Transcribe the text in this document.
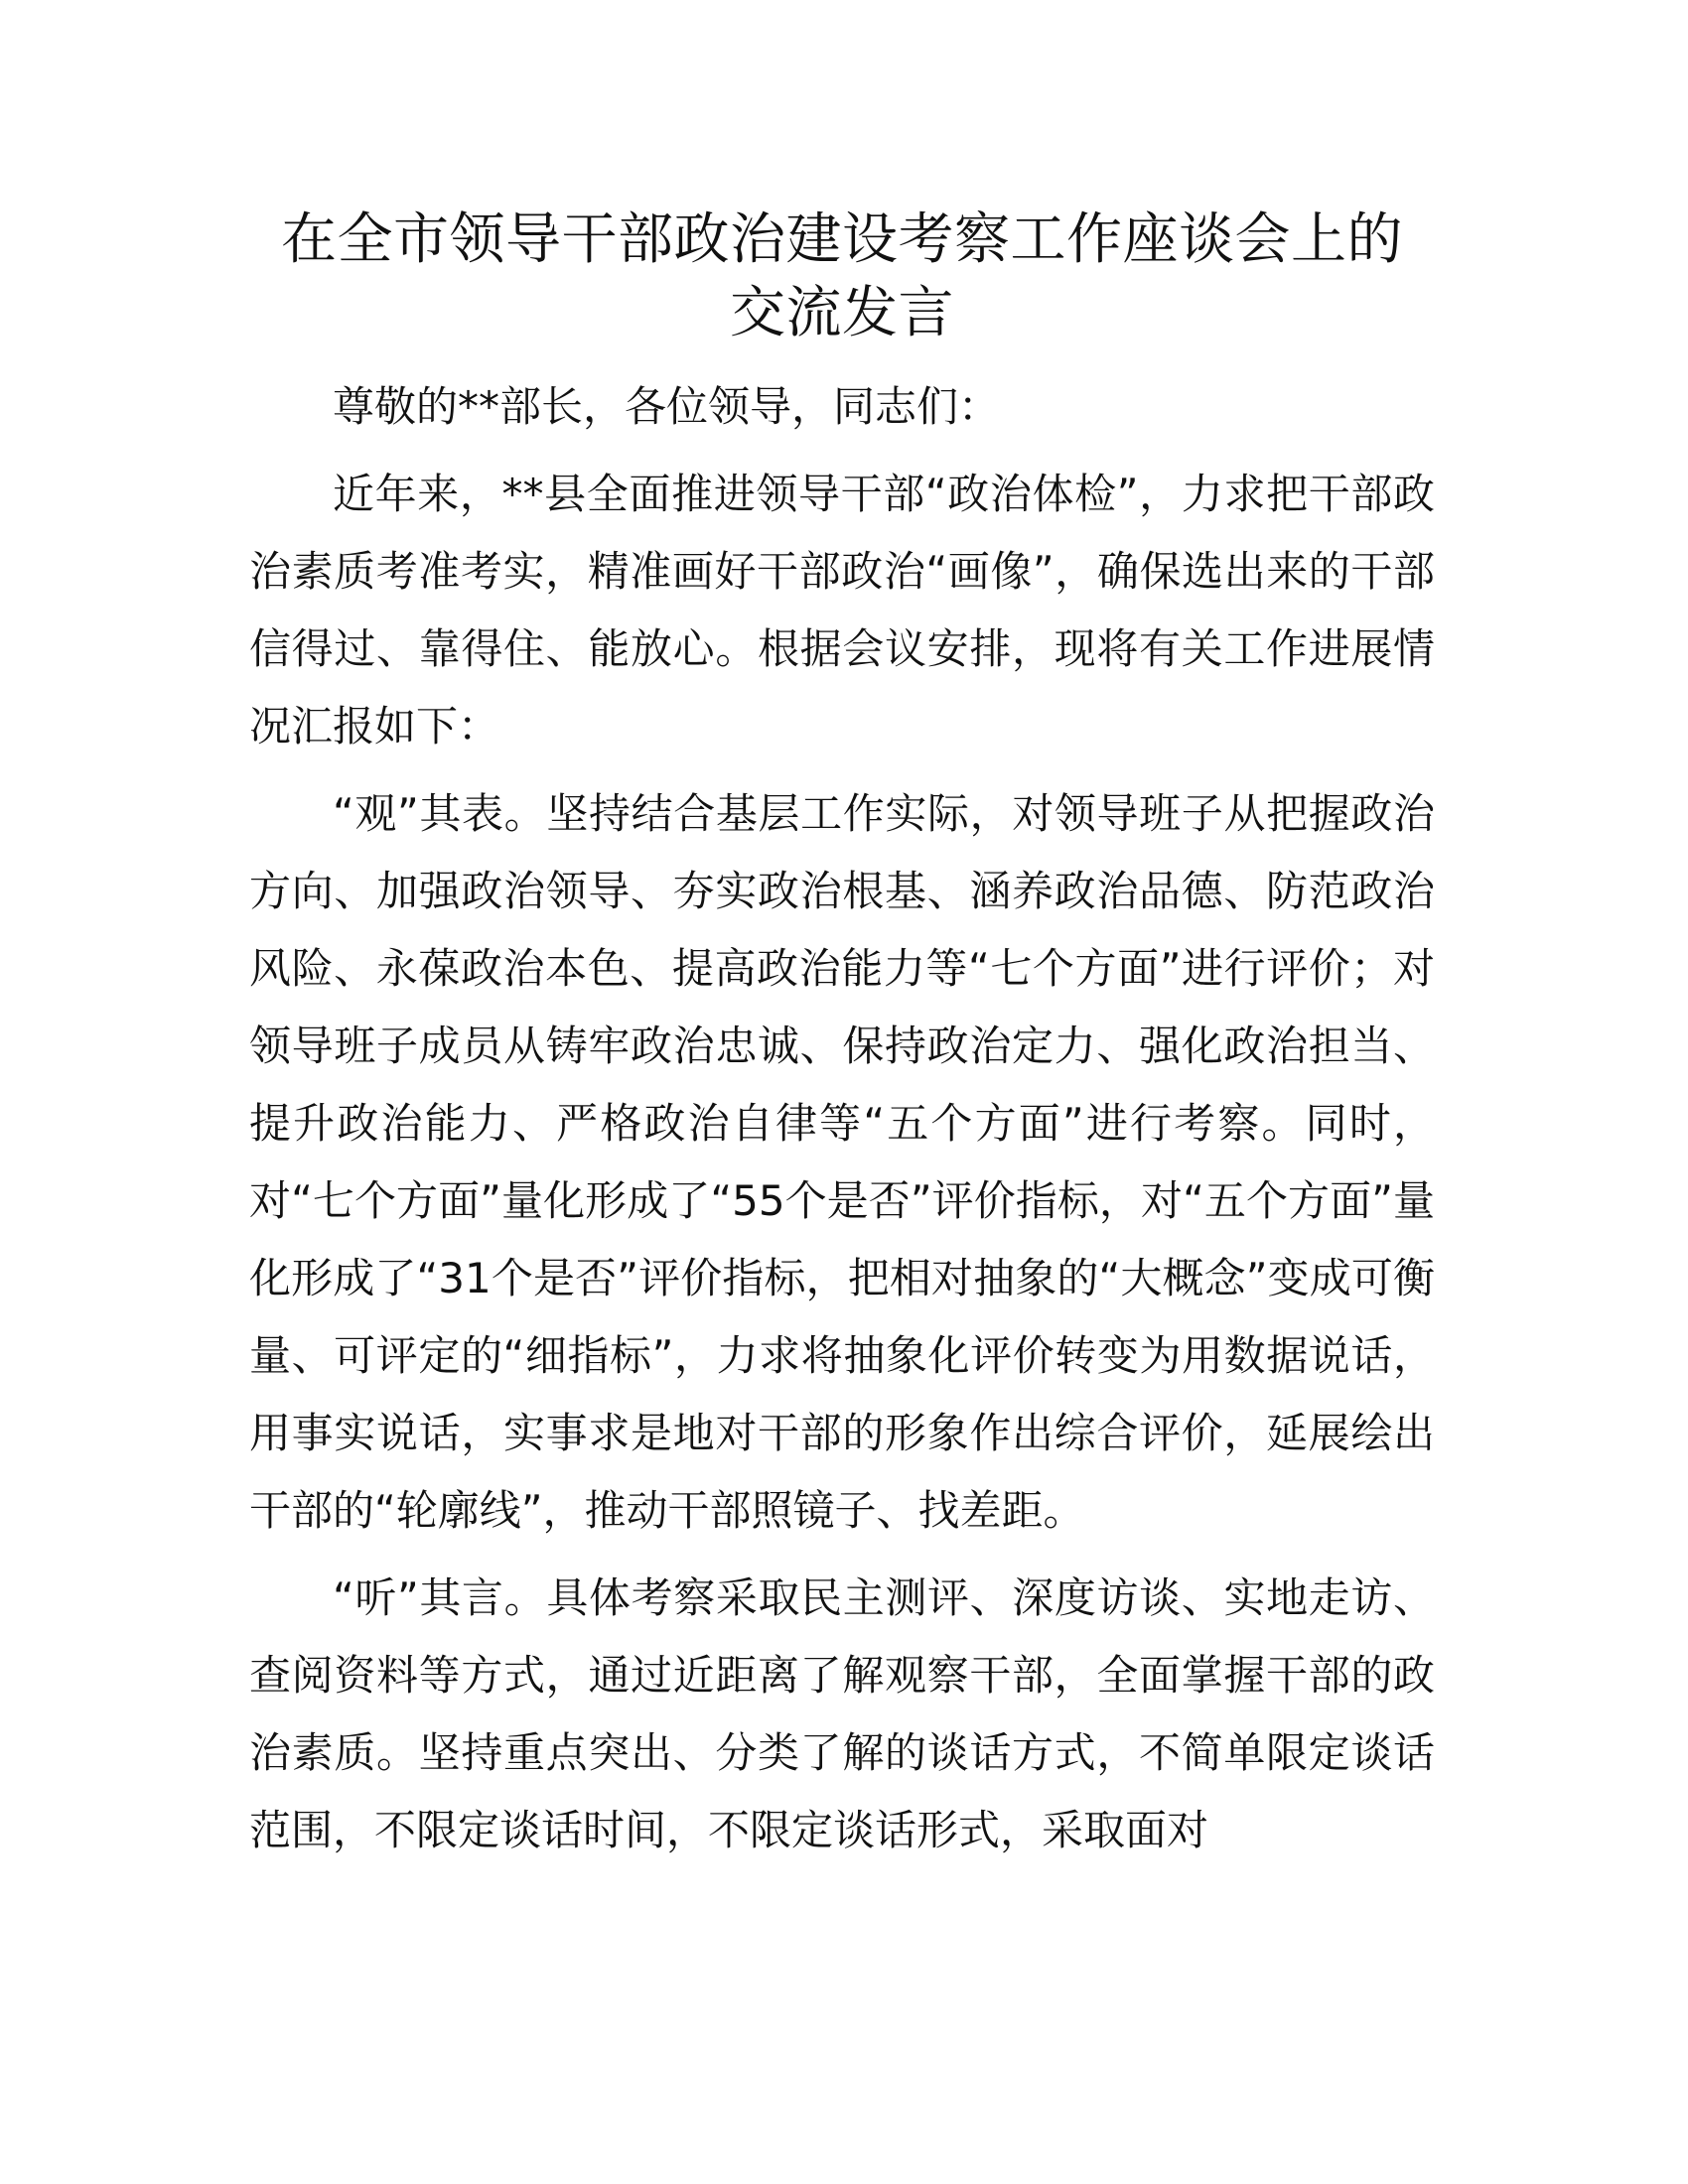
在全市领导干部政治建设考察工作座谈会上的
交流发言

尊敬的**部长，各位领导，同志们：

近年来，**县全面推进领导干部“政治体检”，力求把干部政治素质考准考实，精准画好干部政治“画像”，确保选出来的干部信得过、靠得住、能放心。根据会议安排，现将有关工作进展情况汇报如下：

“观”其表。坚持结合基层工作实际，对领导班子从把握政治方向、加强政治领导、夯实政治根基、涵养政治品德、防范政治风险、永葆政治本色、提高政治能力等“七个方面”进行评价；对领导班子成员从铸牢政治忠诚、保持政治定力、强化政治担当、提升政治能力、严格政治自律等“五个方面”进行考察。同时，对“七个方面”量化形成了“55个是否”评价指标，对“五个方面”量化形成了“31个是否”评价指标，把相对抽象的“大概念”变成可衡量、可评定的“细指标”，力求将抽象化评价转变为用数据说话，用事实说话，实事求是地对干部的形象作出综合评价，延展绘出干部的“轮廓线”，推动干部照镜子、找差距。

“听”其言。具体考察采取民主测评、深度访谈、实地走访、查阅资料等方式，通过近距离了解观察干部，全面掌握干部的政治素质。坚持重点突出、分类了解的谈话方式，不简单限定谈话范围，不限定谈话时间，不限定谈话形式，采取面对
